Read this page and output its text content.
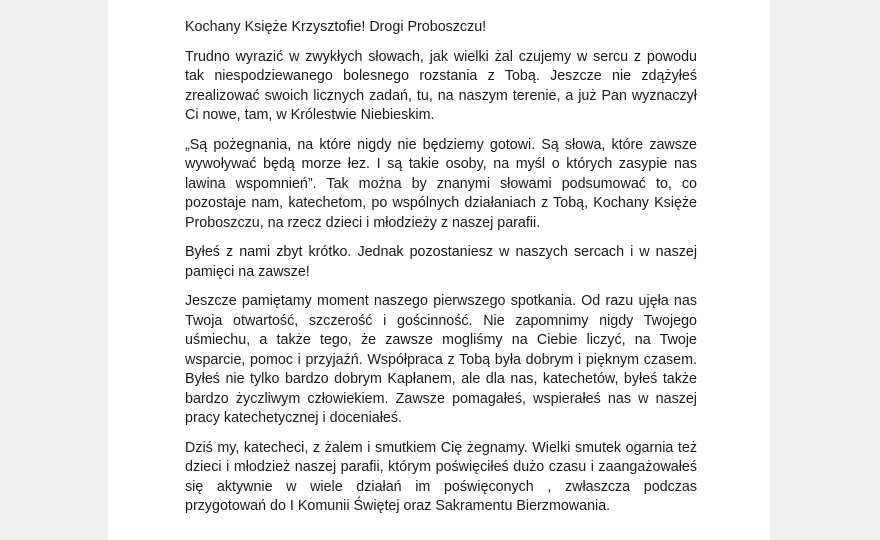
Kochany Księże Krzysztofie! Drogi Proboszczu!

Trudno wyrazić w zwykłych słowach, jak wielki żal czujemy w sercu z powodu
tak niespodziewanego bolesnego rozstania z Tobą. Jeszcze nie zdążyłeś
zrealizować swoich licznych zadań, tu, na naszym terenie, a już Pan wyznaczył
Ci nowe, tam, w Królestwie Niebieskim.

„Są pożegnania, na które nigdy nie będziemy gotowi. Są słowa, które zawsze
wywoływać będą morze łez. I są takie osoby, na myśl o których zasypie nas
lawina wspomnień”. Tak można by znanymi słowami podsumować to, co
pozostaje nam, katechetom, po wspólnych działaniach z Tobą, Kochany Księże
Proboszczu, na rzecz dzieci i młodzieży z naszej parafii.

Byłeś z nami zbyt krótko. Jednak pozostaniesz w naszych sercach i w naszej
pamięci na zawsze!

Jeszcze pamiętamy moment naszego pierwszego spotkania. Od razu ujęła nas
Twoja otwartość, szczerość i gościnność. Nie zapomnimy nigdy Twojego
uśmiechu, a także tego, że zawsze mogliśmy na Ciebie liczyć, na Twoje
wsparcie, pomoc i przyjaźń. Współpraca z Tobą była dobrym i pięknym czasem.
Byłeś nie tylko bardzo dobrym Kapłanem, ale dla nas, katechetów, byłeś także
bardzo życzliwym człowiekiem. Zawsze pomagałeś, wspierałeś nas w naszej
pracy katechetycznej i doceniałeś.

Dziś my, katecheci, z żalem i smutkiem Cię żegnamy. Wielki smutek ogarnia też
dzieci i młodzież naszej parafii, którym poświęciłeś dużo czasu i zaangażowałeś
się aktywnie w wiele działań im poświęconych , zwłaszcza podczas
przygotowań do I Komunii Świętej oraz Sakramentu Bierzmowania.
